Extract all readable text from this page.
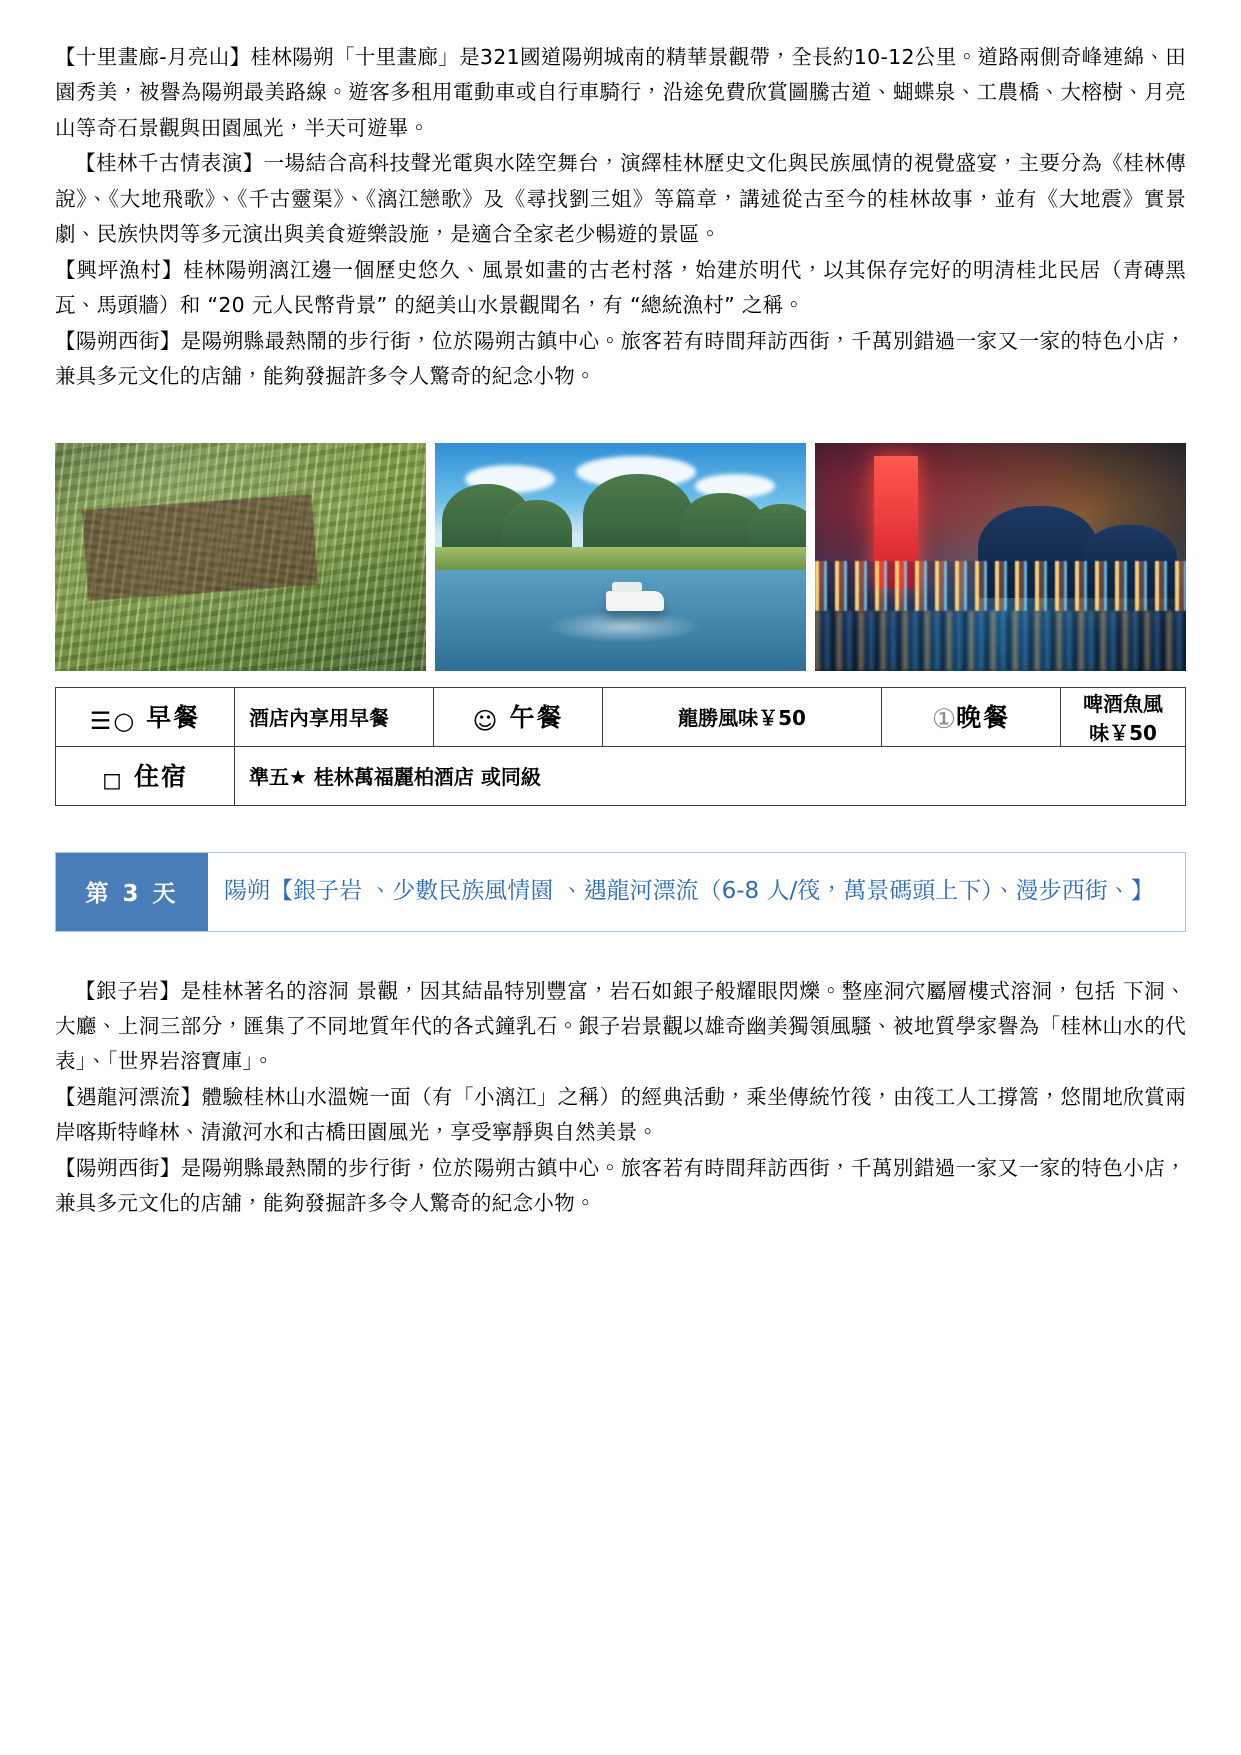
【十里畫廊-月亮山】桂林陽朔「十里畫廊」是321國道陽朔城南的精華景觀帶，全長約10-12公里。道路兩側奇峰連綿、田園秀美，被譽為陽朔最美路線。遊客多租用電動車或自行車騎行，沿途免費欣賞圖騰古道、蝴蝶泉、工農橋、大榕樹、月亮山等奇石景觀與田園風光，半天可遊畢。

【桂林千古情表演】一場結合高科技聲光電與水陸空舞台，演繹桂林歷史文化與民族風情的視覺盛宴，主要分為《桂林傳說》、《大地飛歌》、《千古靈渠》、《漓江戀歌》及《尋找劉三姐》等篇章，講述從古至今的桂林故事，並有《大地震》實景劇、民族快閃等多元演出與美食遊樂設施，是適合全家老少暢遊的景區。

【興坪漁村】桂林陽朔漓江邊一個歷史悠久、風景如畫的古老村落，始建於明代，以其保存完好的明清桂北民居（青磚黑瓦、馬頭牆）和 “20 元人民幣背景” 的絕美山水景觀聞名，有 “總統漁村” 之稱。

【陽朔西街】是陽朔縣最熱鬧的步行街，位於陽朔古鎮中心。旅客若有時間拜訪西街，千萬別錯過一家又一家的特色小店，兼具多元文化的店舖，能夠發掘許多令人驚奇的紀念小物。

☰○ 早餐	酒店內享用早餐	☺ 午餐	龍勝風味￥50	①晚餐	啤酒魚風味￥50
◻ 住宿	準五★ 桂林萬福麗柏酒店 或同級				
第 3 天	陽朔【銀子岩 、少數民族風情園 、遇龍河漂流（6-8 人/筏，萬景碼頭上下）、漫步西街、】

【銀子岩】是桂林著名的溶洞 景觀，因其結晶特別豐富，岩石如銀子般耀眼閃爍。整座洞穴屬層樓式溶洞，包括 下洞、大廳、上洞三部分，匯集了不同地質年代的各式鐘乳石。銀子岩景觀以雄奇幽美獨領風騷、被地質學家譽為「桂林山水的代表」、「世界岩溶寶庫」。

【遇龍河漂流】體驗桂林山水溫婉一面（有「小漓江」之稱）的經典活動，乘坐傳統竹筏，由筏工人工撐篙，悠閒地欣賞兩岸喀斯特峰林、清澈河水和古橋田園風光，享受寧靜與自然美景。

【陽朔西街】是陽朔縣最熱鬧的步行街，位於陽朔古鎮中心。旅客若有時間拜訪西街，千萬別錯過一家又一家的特色小店，兼具多元文化的店舖，能夠發掘許多令人驚奇的紀念小物。
